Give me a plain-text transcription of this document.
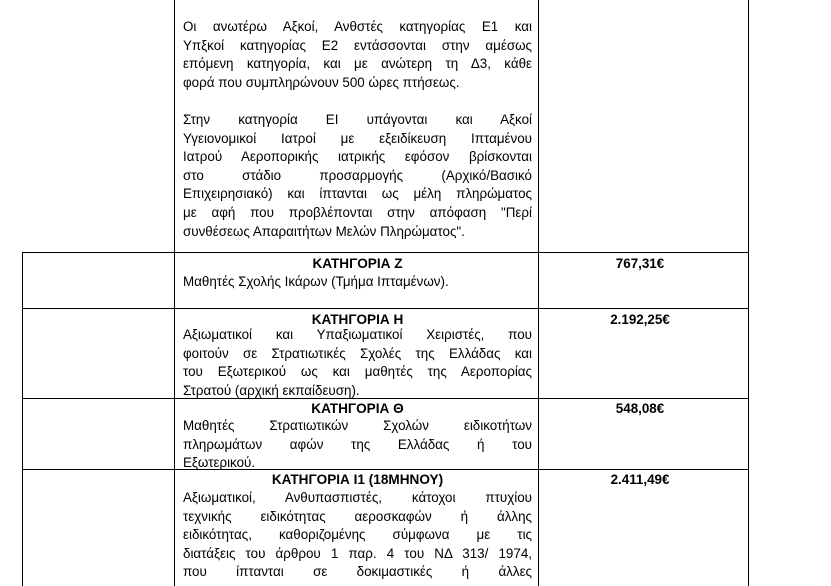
Οι ανωτέρω Αξκοί, Ανθστές κατηγορίας Ε1 και
Υπξκοί κατηγορίας Ε2 εντάσσονται στην αμέσως
επόμενη κατηγορία, και με ανώτερη τη Δ3, κάθε
φορά που συμπληρώνουν 500 ώρες πτήσεως.
Στην κατηγορία ΕΙ υπάγονται και Αξκοί
Υγειονομικοί Ιατροί με εξειδίκευση Ιπταμένου
Ιατρού Αεροπορικής ιατρικής εφόσον βρίσκονται
στο στάδιο προσαρμογής (Αρχικό/Βασικό
Επιχειρησιακό) και ίπτανται ως μέλη πληρώματος
με αφή που προβλέπονται στην απόφαση "Περί
συνθέσεως Απαραιτήτων Μελών Πληρώματος".
ΚΑΤΗΓΟΡΙΑ Ζ	767,31€
Μαθητές Σχολής Ικάρων (Τμήμα Ιπταμένων).
ΚΑΤΗΓΟΡΙΑ Η	2.192,25€
Αξιωματικοί και Υπαξιωματικοί Χειριστές, που
φοιτούν σε Στρατιωτικές Σχολές της Ελλάδας και
του Εξωτερικού ως και μαθητές της Αεροπορίας
Στρατού (αρχική εκπαίδευση).
ΚΑΤΗΓΟΡΙΑ Θ	548,08€
Μαθητές Στρατιωτικών Σχολών ειδικοτήτων
πληρωμάτων αφών της Ελλάδας ή του
Εξωτερικού.
ΚΑΤΗΓΟΡΙΑ Ι1 (18ΜΗΝΟΥ)	2.411,49€
Αξιωματικοί, Ανθυπασπιστές, κάτοχοι πτυχίου
τεχνικής ειδικότητας αεροσκαφών ή άλλης
ειδικότητας, καθοριζομένης σύμφωνα με τις
διατάξεις του άρθρου 1 παρ. 4 του ΝΔ 313/ 1974,
που ίπτανται σε δοκιμαστικές ή άλλες
